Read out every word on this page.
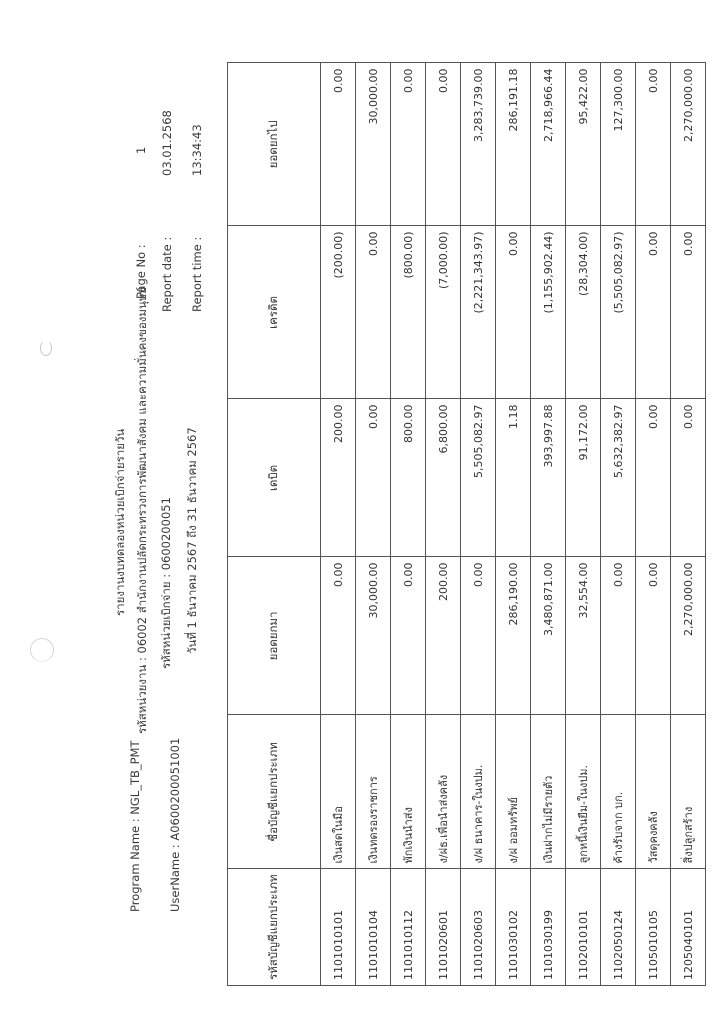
รายงานงบทดลองหน่วยเบิกจ่ายรายวัน รหัสหน่วยงาน : 06002 สำนักงานปลัดกระทรวงการพัฒนาสังคม และความมั่นคงของมนุษย์ รหัสหน่วยเบิกจ่าย : 0600200051 วันที่ 1 ธันวาคม 2567 ถึง 31 ธันวาคม 2567
Program Name : NGL_TB_PMT UserName : A0600200051001
Page No :
1
Report date :
03.01.2568
Report time :
13:34:43
รหัสบัญชีแยกประเภท	ชื่อบัญชีแยกประเภท	ยอดยกมา	เดบิต	เครดิต	ยอดยกไป
1101010101	เงินสดในมือ	0.00	200.00	(200.00)	0.00
1101010104	เงินทดรองราชการ	30,000.00	0.00	0.00	30,000.00
1101010112	พักเงินนำส่ง	0.00	800.00	(800.00)	0.00
1101020601	ง/ฝธ.เพื่อนำส่งคลัง	200.00	6,800.00	(7,000.00)	0.00
1101020603	ง/ฝ ธนาคาร-ในงปม.	0.00	5,505,082.97	(2,221,343.97)	3,283,739.00
1101030102	ง/ฝ ออมทรัพย์	286,190.00	1.18	0.00	286,191.18
1101030199	เงินฝากไม่มีรายตัว	3,480,871.00	393,997.88	(1,155,902.44)	2,718,966.44
1102010101	ลูกหนี้เงินยืม-ในงปม.	32,554.00	91,172.00	(28,304.00)	95,422.00
1102050124	ค้างรับจาก บก.	0.00	5,632,382.97	(5,505,082.97)	127,300.00
1105010105	วัสดุคงคลัง	0.00	0.00	0.00	0.00
1205040101	สิ่งปลูกสร้าง	2,270,000.00	0.00	0.00	2,270,000.00
